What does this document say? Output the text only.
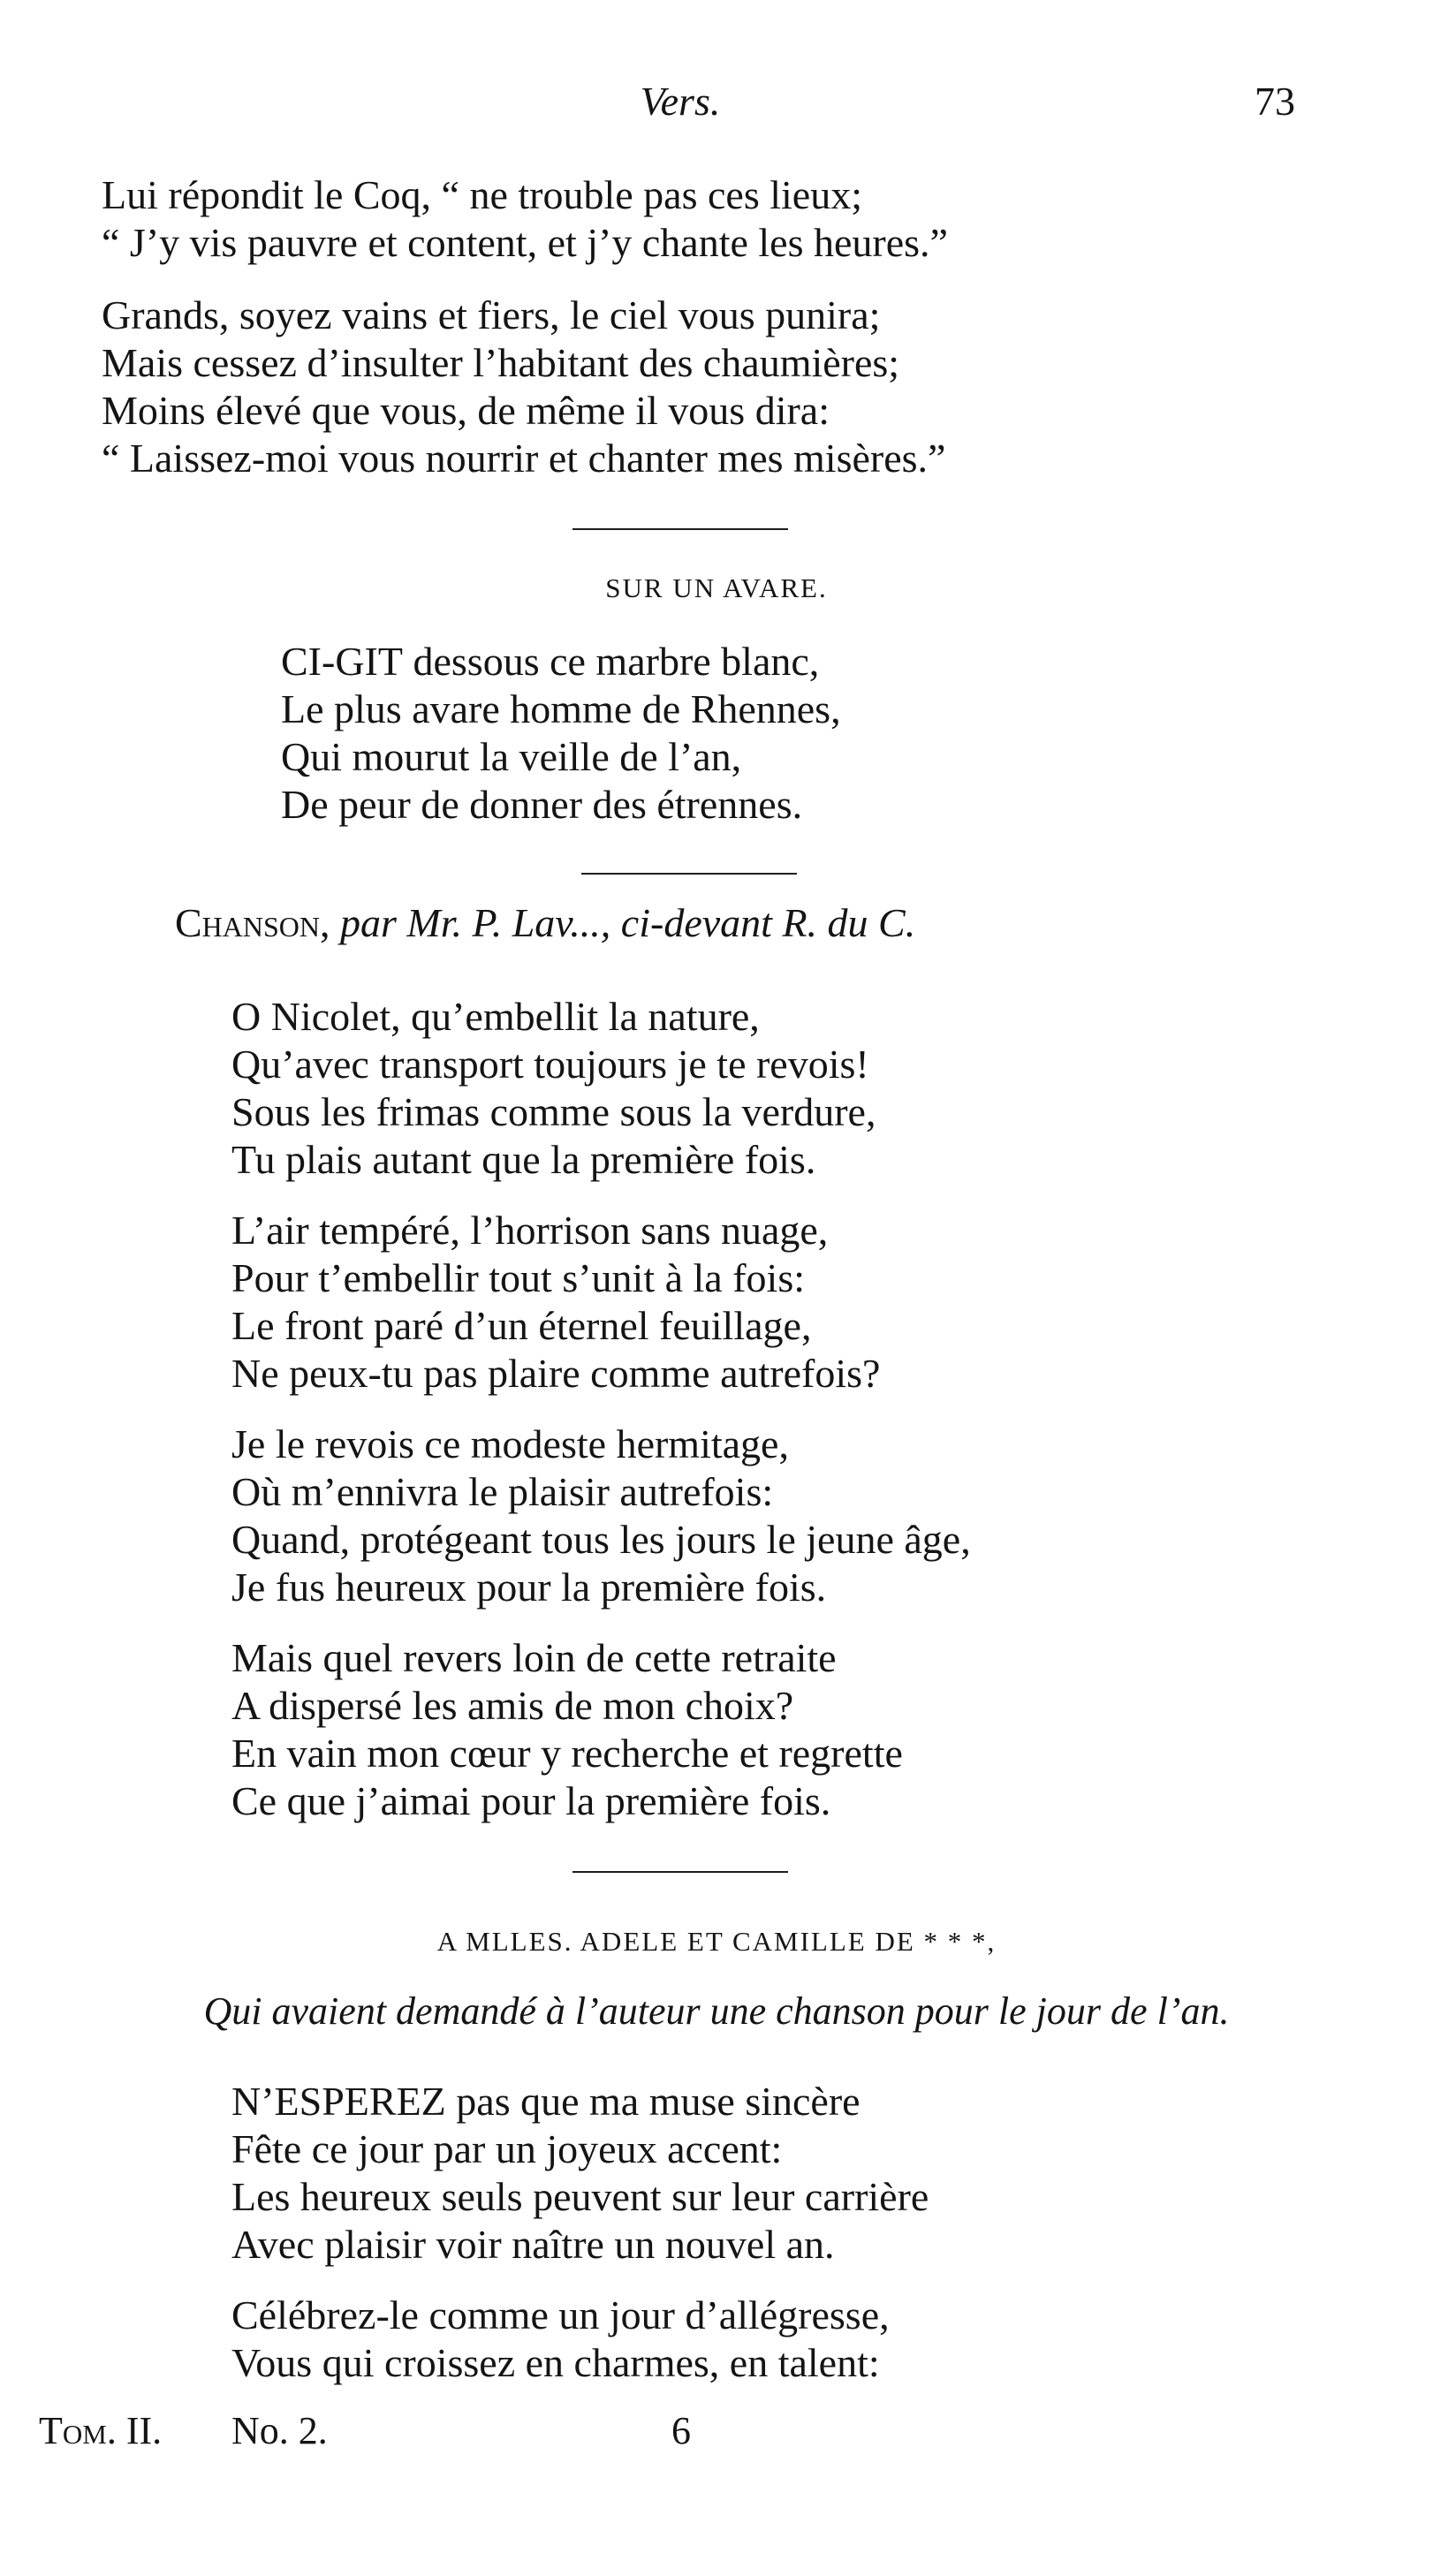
Vers.	73
Lui répondit le Coq, “ ne trouble pas ces lieux;
“ J’y vis pauvre et content, et j’y chante les heures.”
Grands, soyez vains et fiers, le ciel vous punira;
Mais cessez d’insulter l’habitant des chaumières;
Moins élevé que vous, de même il vous dira:
“ Laissez-moi vous nourrir et chanter mes misères.”
SUR UN AVARE.
CI-GIT dessous ce marbre blanc,
Le plus avare homme de Rhennes,
Qui mourut la veille de l’an,
De peur de donner des étrennes.
Chanson, par Mr. P. Lav..., ci-devant R. du C.
O Nicolet, qu’embellit la nature,
Qu’avec transport toujours je te revois!
Sous les frimas comme sous la verdure,
Tu plais autant que la première fois.
L’air tempéré, l’horrison sans nuage,
Pour t’embellir tout s’unit à la fois:
Le front paré d’un éternel feuillage,
Ne peux-tu pas plaire comme autrefois?
Je le revois ce modeste hermitage,
Où m’ennivra le plaisir autrefois:
Quand, protégeant tous les jours le jeune âge,
Je fus heureux pour la première fois.
Mais quel revers loin de cette retraite
A dispersé les amis de mon choix?
En vain mon cœur y recherche et regrette
Ce que j’aimai pour la première fois.
A MLLES. ADELE ET CAMILLE DE * * *,
Qui avaient demandé à l’auteur une chanson pour le jour de l’an.
N’ESPEREZ pas que ma muse sincère
Fête ce jour par un joyeux accent:
Les heureux seuls peuvent sur leur carrière
Avec plaisir voir naître un nouvel an.
Célébrez-le comme un jour d’allégresse,
Vous qui croissez en charmes, en talent:
Tom. II. No. 2.	6
